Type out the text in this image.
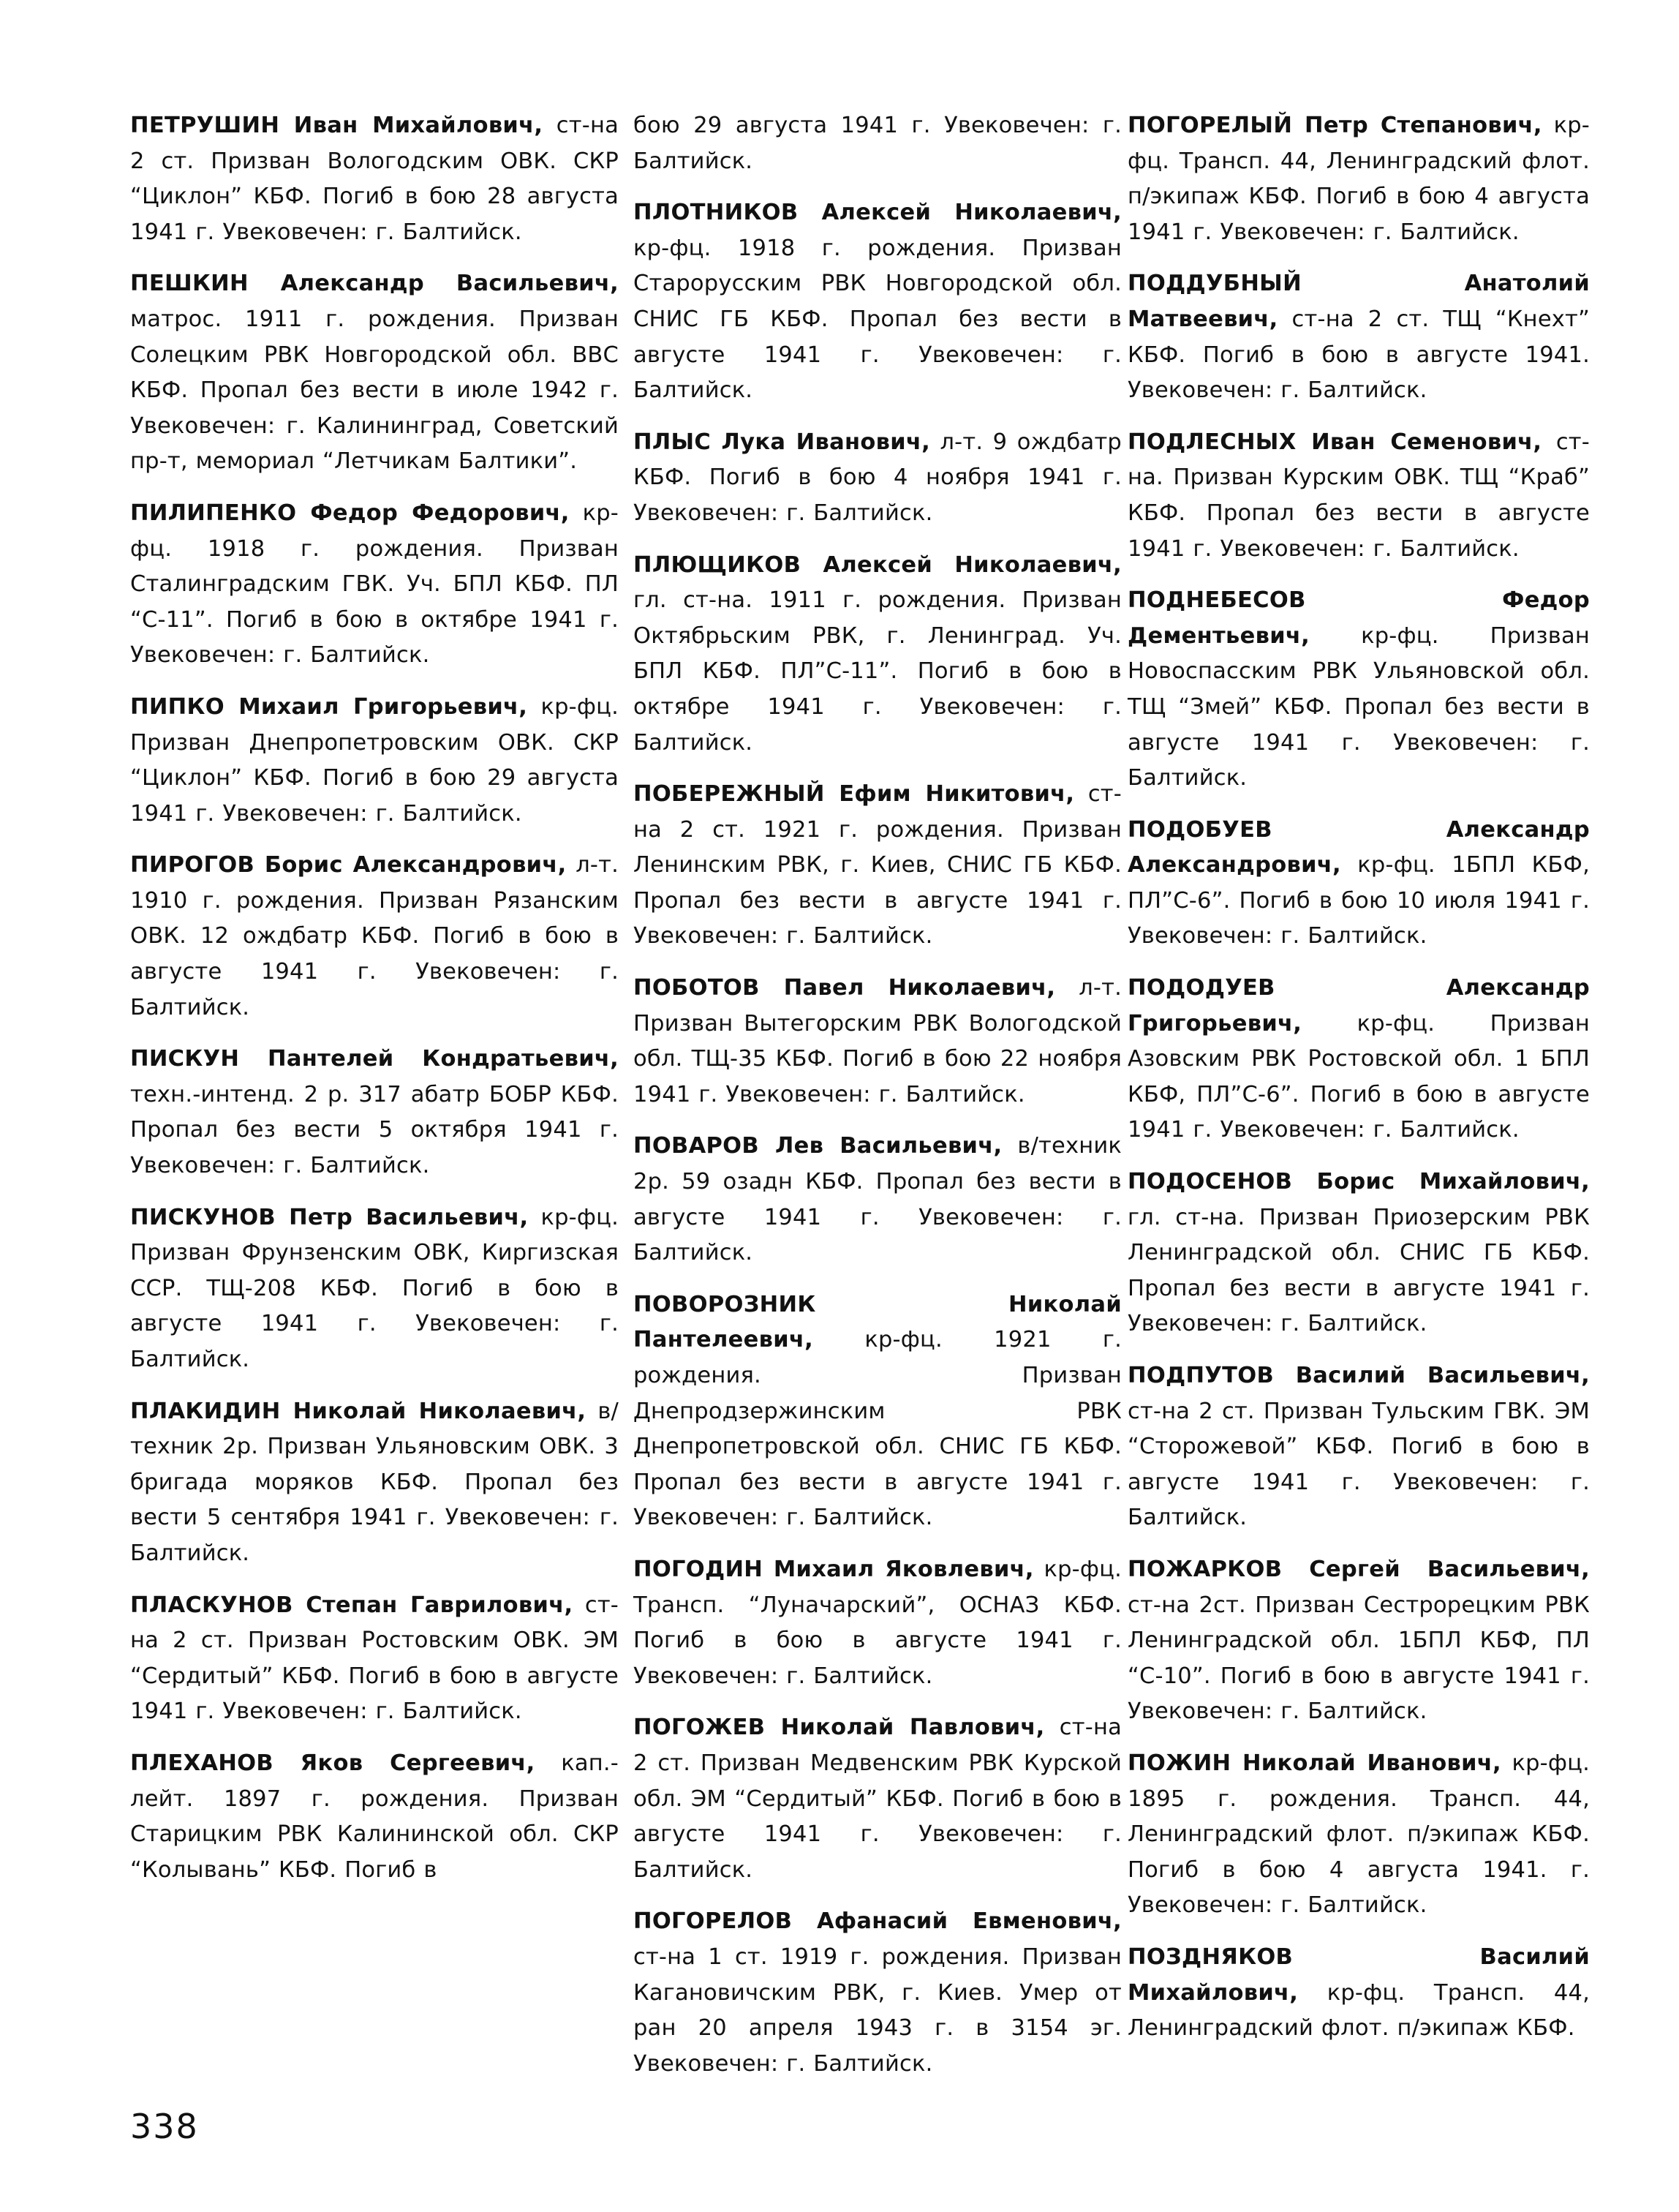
ПЕТРУШИН Иван Михайлович, ст-на 2 ст. Призван Вологодским ОВК. СКР “Циклон” КБФ. Погиб в бою 28 августа 1941 г. Увековечен: г. Балтийск.

ПЕШКИН Александр Васильевич, матрос. 1911 г. рождения. Призван Солецким РВК Новгородской обл. ВВС КБФ. Пропал без вести в июле 1942 г. Увековечен: г. Калининград, Советский пр-т, мемориал “Летчикам Балтики”.

ПИЛИПЕНКО Федор Федорович, кр-фц. 1918 г. рождения. Призван Сталинградским ГВК. Уч. БПЛ КБФ. ПЛ “С-11”. Погиб в бою в октябре 1941 г. Увековечен: г. Балтийск.

ПИПКО Михаил Григорьевич, кр-фц. Призван Днепропетровским ОВК. СКР “Циклон” КБФ. Погиб в бою 29 августа 1941 г. Увековечен: г. Балтийск.

ПИРОГОВ Борис Александрович, л-т. 1910 г. рождения. Призван Рязанским ОВК. 12 ождбатр КБФ. Погиб в бою в августе 1941 г. Увековечен: г. Балтийск.

ПИСКУН Пантелей Кондратьевич, техн.-интенд. 2 р. 317 абатр БОБР КБФ. Пропал без вести 5 октября 1941 г. Увековечен: г. Балтийск.

ПИСКУНОВ Петр Васильевич, кр-фц. Призван Фрунзенским ОВК, Киргизская ССР. ТЩ-208 КБФ. Погиб в бою в августе 1941 г. Увековечен: г. Балтийск.

ПЛАКИДИН Николай Николаевич, в/техник 2р. Призван Ульяновским ОВК. 3 бригада моряков КБФ. Пропал без вести 5 сентября 1941 г. Увековечен: г. Балтийск.

ПЛАСКУНОВ Степан Гаврилович, ст-на 2 ст. Призван Ростовским ОВК. ЭМ “Сердитый” КБФ. Погиб в бою в августе 1941 г. Увековечен: г. Балтийск.

ПЛЕХАНОВ Яков Сергеевич, кап.-лейт. 1897 г. рождения. Призван Старицким РВК Калининской обл. СКР “Колывань” КБФ. Погиб в

бою 29 августа 1941 г. Увековечен: г. Балтийск.

ПЛОТНИКОВ Алексей Николаевич, кр-фц. 1918 г. рождения. Призван Старорусским РВК Новгородской обл. СНИС ГБ КБФ. Пропал без вести в августе 1941 г. Увековечен: г. Балтийск.

ПЛЫС Лука Иванович, л-т. 9 ождбатр КБФ. Погиб в бою 4 ноября 1941 г. Увековечен: г. Балтийск.

ПЛЮЩИКОВ Алексей Николаевич, гл. ст-на. 1911 г. рождения. Призван Октябрьским РВК, г. Ленинград. Уч. БПЛ КБФ. ПЛ”С-11”. Погиб в бою в октябре 1941 г. Увековечен: г. Балтийск.

ПОБЕРЕЖНЫЙ Ефим Никитович, ст-на 2 ст. 1921 г. рождения. Призван Ленинским РВК, г. Киев, СНИС ГБ КБФ. Пропал без вести в августе 1941 г. Увековечен: г. Балтийск.

ПОБОТОВ Павел Николаевич, л-т. Призван Вытегорским РВК Вологодской обл. ТЩ-35 КБФ. Погиб в бою 22 ноября 1941 г. Увековечен: г. Балтийск.

ПОВАРОВ Лев Васильевич, в/техник 2р. 59 озадн КБФ. Пропал без вести в августе 1941 г. Увековечен: г. Балтийск.

ПОВОРОЗНИК Николай Пантелеевич, кр-фц. 1921 г. рождения. Призван Днепродзержинским РВК Днепропетровской обл. СНИС ГБ КБФ. Пропал без вести в августе 1941 г. Увековечен: г. Балтийск.

ПОГОДИН Михаил Яковлевич, кр-фц. Трансп. “Луначарский”, ОСНАЗ КБФ. Погиб в бою в августе 1941 г. Увековечен: г. Балтийск.

ПОГОЖЕВ Николай Павлович, ст-на 2 ст. Призван Медвенским РВК Курской обл. ЭМ “Сердитый” КБФ. Погиб в бою в августе 1941 г. Увековечен: г. Балтийск.

ПОГОРЕЛОВ Афанасий Евменович, ст-на 1 ст. 1919 г. рождения. Призван Кагановичским РВК, г. Киев. Умер от ран 20 апреля 1943 г. в 3154 эг. Увековечен: г. Балтийск.

ПОГОРЕЛЫЙ Петр Степанович, кр-фц. Трансп. 44, Ленинградский флот. п/экипаж КБФ. Погиб в бою 4 августа 1941 г. Увековечен: г. Балтийск.

ПОДДУБНЫЙ Анатолий Матвеевич, ст-на 2 ст. ТЩ “Кнехт” КБФ. Погиб в бою в августе 1941. Увековечен: г. Балтийск.

ПОДЛЕСНЫХ Иван Семенович, ст-на. Призван Курским ОВК. ТЩ “Краб” КБФ. Пропал без вести в августе 1941 г. Увековечен: г. Балтийск.

ПОДНЕБЕСОВ Федор Дементьевич, кр-фц. Призван Новоспасским РВК Ульяновской обл. ТЩ “Змей” КБФ. Пропал без вести в августе 1941 г. Увековечен: г. Балтийск.

ПОДОБУЕВ Александр Александрович, кр-фц. 1БПЛ КБФ, ПЛ”С-6”. Погиб в бою 10 июля 1941 г. Увековечен: г. Балтийск.

ПОДОДУЕВ Александр Григорьевич, кр-фц. Призван Азовским РВК Ростовской обл. 1 БПЛ КБФ, ПЛ”С-6”. Погиб в бою в августе 1941 г. Увековечен: г. Балтийск.

ПОДОСЕНОВ Борис Михайлович, гл. ст-на. Призван Приозерским РВК Ленинградской обл. СНИС ГБ КБФ. Пропал без вести в августе 1941 г. Увековечен: г. Балтийск.

ПОДПУТОВ Василий Васильевич, ст-на 2 ст. Призван Тульским ГВК. ЭМ “Сторожевой” КБФ. Погиб в бою в августе 1941 г. Увековечен: г. Балтийск.

ПОЖАРКОВ Сергей Васильевич, ст-на 2ст. Призван Сестрорецким РВК Ленинградской обл. 1БПЛ КБФ, ПЛ “С-10”. Погиб в бою в августе 1941 г. Увековечен: г. Балтийск.

ПОЖИН Николай Иванович, кр-фц. 1895 г. рождения. Трансп. 44, Ленинградский флот. п/экипаж КБФ. Погиб в бою 4 августа 1941. г. Увековечен: г. Балтийск.

ПОЗДНЯКОВ Василий Михайлович, кр-фц. Трансп. 44, Ленинградский флот. п/экипаж КБФ.

338
